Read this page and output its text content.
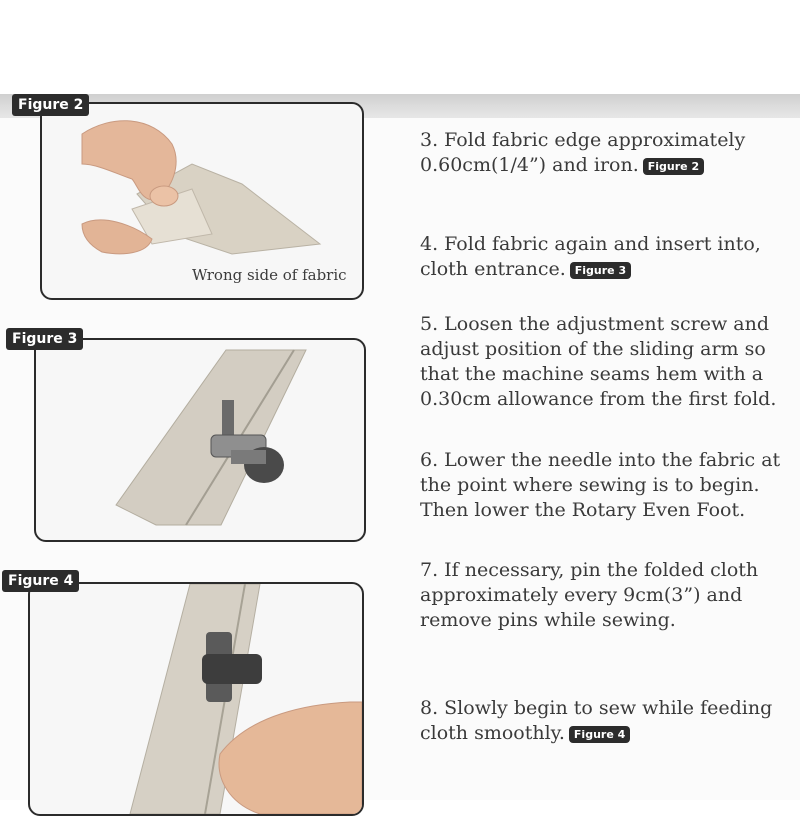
Figure 2
Wrong side of fabric
Figure 3
Figure 4
3. Fold fabric edge approximately
0.60cm(1/4”) and iron. Figure 2
4. Fold fabric again and insert into,
cloth entrance. Figure 3
5. Loosen the adjustment screw and
adjust position of the sliding arm so
that the machine seams hem with a
0.30cm allowance from the first fold.
6. Lower the needle into the fabric at
the point where sewing is to begin.
Then lower the Rotary Even Foot.
7. If necessary, pin the folded cloth
approximately every 9cm(3”) and
remove pins while sewing.
8. Slowly begin to sew while feeding
cloth smoothly. Figure 4
